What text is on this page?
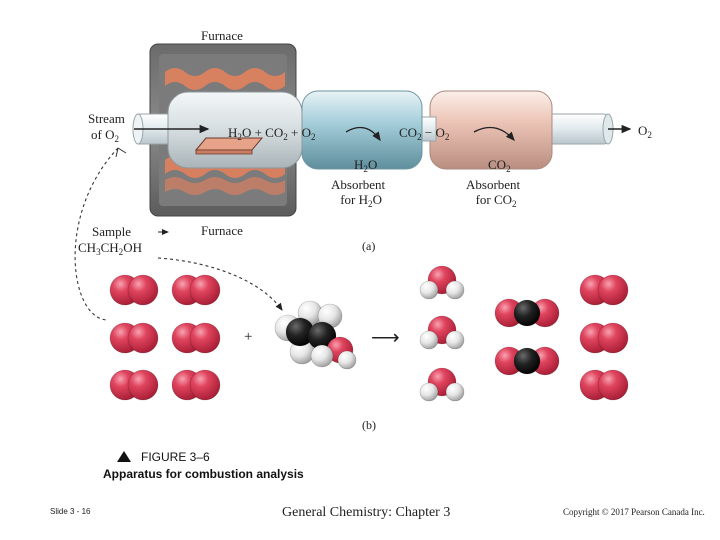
Furnace
Furnace
Stream
of $O_2$
Sample
$CH_3CH_2OH$
$H_2O + CO_2 + O_2$	$CO_2 - O_2$
$H_2O$	$CO_2$
Absorbent
for $H_2O$
Absorbent
for $CO_2$
$O_2$
(a)
(b)
+	⟶
FIGURE 3–6
Apparatus for combustion analysis
Slide 3 - 16	General Chemistry: Chapter 3	Copyright © 2017 Pearson Canada Inc.
